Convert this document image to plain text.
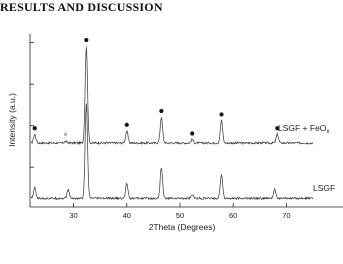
RESULTS AND DISCUSSION
30	40	50	60	70
Intensity (a.u.)
2Theta (Degrees)
LSGF + FeO$_x$
LSGF
